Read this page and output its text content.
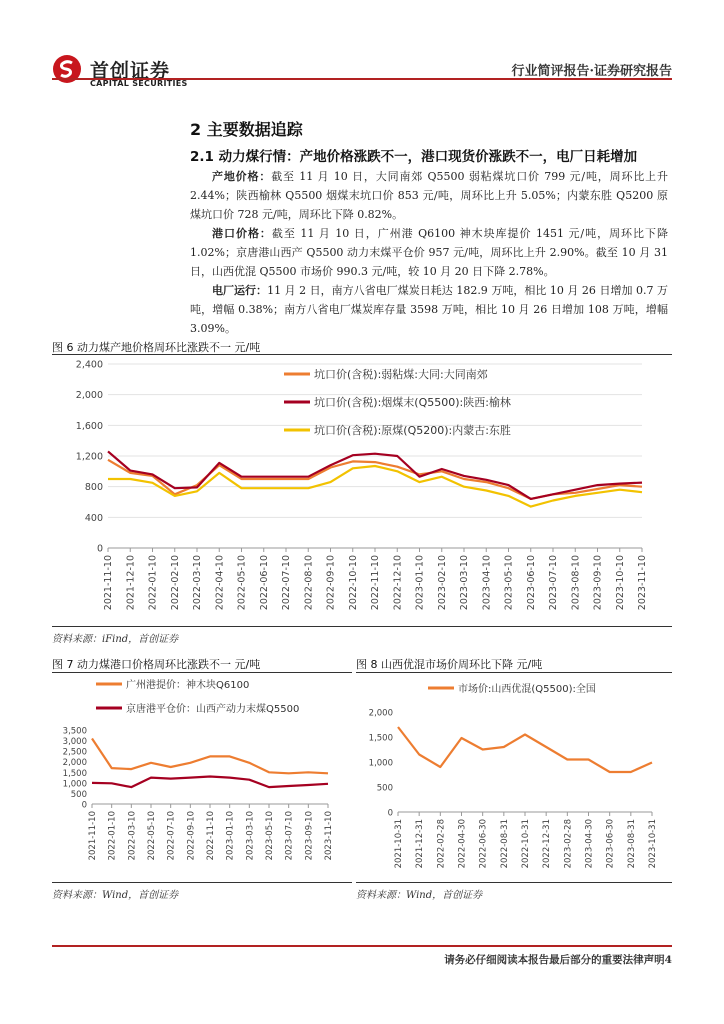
首创证券
CAPITAL SECURITIES
行业简评报告·证券研究报告
2 主要数据追踪
2.1 动力煤行情：产地价格涨跌不一，港口现货价涨跌不一，电厂日耗增加
产地价格：截至 11 月 10 日，大同南郊 Q5500 弱粘煤坑口价 799 元/吨，周环比上升 2.44%；陕西榆林 Q5500 烟煤末坑口价 853 元/吨，周环比上升 5.05%；内蒙东胜 Q5200 原煤坑口价 728 元/吨，周环比下降 0.82%。
港口价格：截至 11 月 10 日，广州港 Q6100 神木块库提价 1451 元/吨，周环比下降 1.02%；京唐港山西产 Q5500 动力末煤平仓价 957 元/吨，周环比上升 2.90%。截至 10 月 31 日，山西优混 Q5500 市场价 990.3 元/吨，较 10 月 20 日下降 2.78%。
电厂运行：11 月 2 日，南方八省电厂煤炭日耗达 182.9 万吨，相比 10 月 26 日增加 0.7 万吨，增幅 0.38%；南方八省电厂煤炭库存量 3598 万吨，相比 10 月 26 日增加 108 万吨，增幅 3.09%。
图 6 动力煤产地价格周环比涨跌不一 元/吨
0
400
800
1,200
1,600
2,000
2,400
2021-11-10 2021-12-10 2022-01-10 2022-02-10 2022-03-10 2022-04-10 2022-05-10 2022-06-10 2022-07-10 2022-08-10 2022-09-10 2022-10-10 2022-11-10 2022-12-10 2023-01-10 2023-02-10 2023-03-10 2023-04-10 2023-05-10 2023-06-10 2023-07-10 2023-08-10 2023-09-10 2023-10-10 2023-11-10
坑口价(含税):弱粘煤:大同:大同南郊
坑口价(含税):烟煤末(Q5500):陕西:榆林
坑口价(含税):原煤(Q5200):内蒙古:东胜
资料来源：iFind，首创证券
图 7 动力煤港口价格周环比涨跌不一 元/吨
0
500
1,000
1,500
2,000
2,500
3,000
3,500
2021-11-10 2022-01-10 2022-03-10 2022-05-10 2022-07-10 2022-09-10 2022-11-10 2023-01-10 2023-03-10 2023-05-10 2023-07-10 2023-09-10 2023-11-10
广州港提价：神木块Q6100
京唐港平仓价：山西产动力末煤Q5500
资料来源：Wind，首创证券
图 8 山西优混市场价周环比下降 元/吨
0
500
1,000
1,500
2,000
2021-10-31 2021-12-31 2022-02-28 2022-04-30 2022-06-30 2022-08-31 2022-10-31 2022-12-31 2023-02-28 2023-04-30 2023-06-30 2023-08-31 2023-10-31
市场价:山西优混(Q5500):全国
资料来源：Wind，首创证券
请务必仔细阅读本报告最后部分的重要法律声明4
